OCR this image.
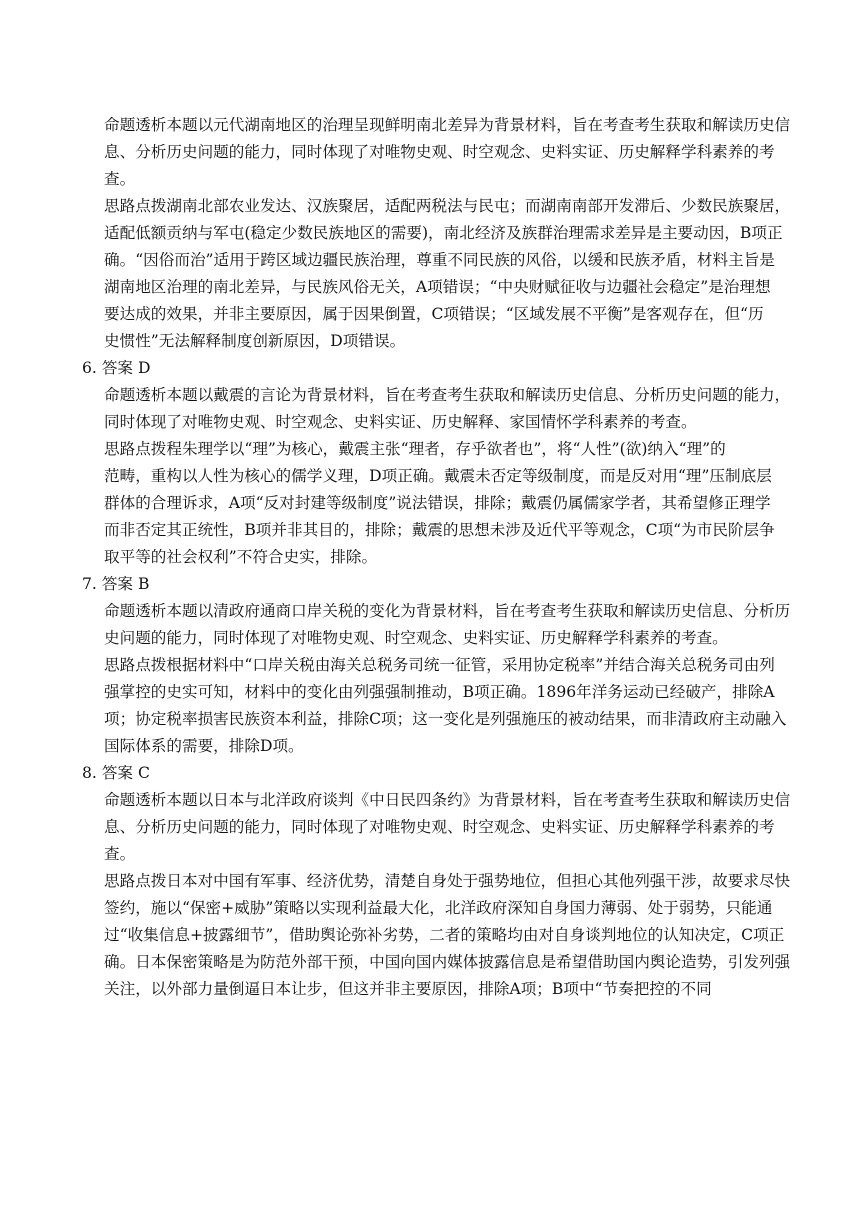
命题透析本题以元代湖南地区的治理呈现鲜明南北差异为背景材料，旨在考查考生获取和解读历史信
息、分析历史问题的能力，同时体现了对唯物史观、时空观念、史料实证、历史解释学科素养的考
查。
思路点拨湖南北部农业发达、汉族聚居，适配两税法与民屯；而湖南南部开发滞后、少数民族聚居，
适配低额贡纳与军屯(稳定少数民族地区的需要)，南北经济及族群治理需求差异是主要动因，B项正
确。“因俗而治”适用于跨区域边疆民族治理，尊重不同民族的风俗，以缓和民族矛盾，材料主旨是
湖南地区治理的南北差异，与民族风俗无关，A项错误；“中央财赋征收与边疆社会稳定”是治理想
要达成的效果，并非主要原因，属于因果倒置，C项错误；“区域发展不平衡”是客观存在，但“历
史惯性”无法解释制度创新原因，D项错误。
6. 答案 D
命题透析本题以戴震的言论为背景材料，旨在考查考生获取和解读历史信息、分析历史问题的能力，
同时体现了对唯物史观、时空观念、史料实证、历史解释、家国情怀学科素养的考查。
思路点拨程朱理学以“理”为核心，戴震主张“理者，存乎欲者也”，将“人性”(欲)纳入“理”的
范畴，重构以人性为核心的儒学义理，D项正确。戴震未否定等级制度，而是反对用“理”压制底层
群体的合理诉求，A项“反对封建等级制度”说法错误，排除；戴震仍属儒家学者，其希望修正理学
而非否定其正统性，B项并非其目的，排除；戴震的思想未涉及近代平等观念，C项“为市民阶层争
取平等的社会权利”不符合史实，排除。
7. 答案 B
命题透析本题以清政府通商口岸关税的变化为背景材料，旨在考查考生获取和解读历史信息、分析历
史问题的能力，同时体现了对唯物史观、时空观念、史料实证、历史解释学科素养的考查。
思路点拨根据材料中“口岸关税由海关总税务司统一征管，采用协定税率”并结合海关总税务司由列
强掌控的史实可知，材料中的变化由列强强制推动，B项正确。1896年洋务运动已经破产，排除A
项；协定税率损害民族资本利益，排除C项；这一变化是列强施压的被动结果，而非清政府主动融入
国际体系的需要，排除D项。
8. 答案 C
命题透析本题以日本与北洋政府谈判《中日民四条约》为背景材料，旨在考查考生获取和解读历史信
息、分析历史问题的能力，同时体现了对唯物史观、时空观念、史料实证、历史解释学科素养的考
查。
思路点拨日本对中国有军事、经济优势，清楚自身处于强势地位，但担心其他列强干涉，故要求尽快
签约，施以“保密+威胁”策略以实现利益最大化，北洋政府深知自身国力薄弱、处于弱势，只能通
过“收集信息+披露细节”，借助舆论弥补劣势，二者的策略均由对自身谈判地位的认知决定，C项正
确。日本保密策略是为防范外部干预，中国向国内媒体披露信息是希望借助国内舆论造势，引发列强
关注，以外部力量倒逼日本让步，但这并非主要原因，排除A项；B项中“节奏把控的不同
